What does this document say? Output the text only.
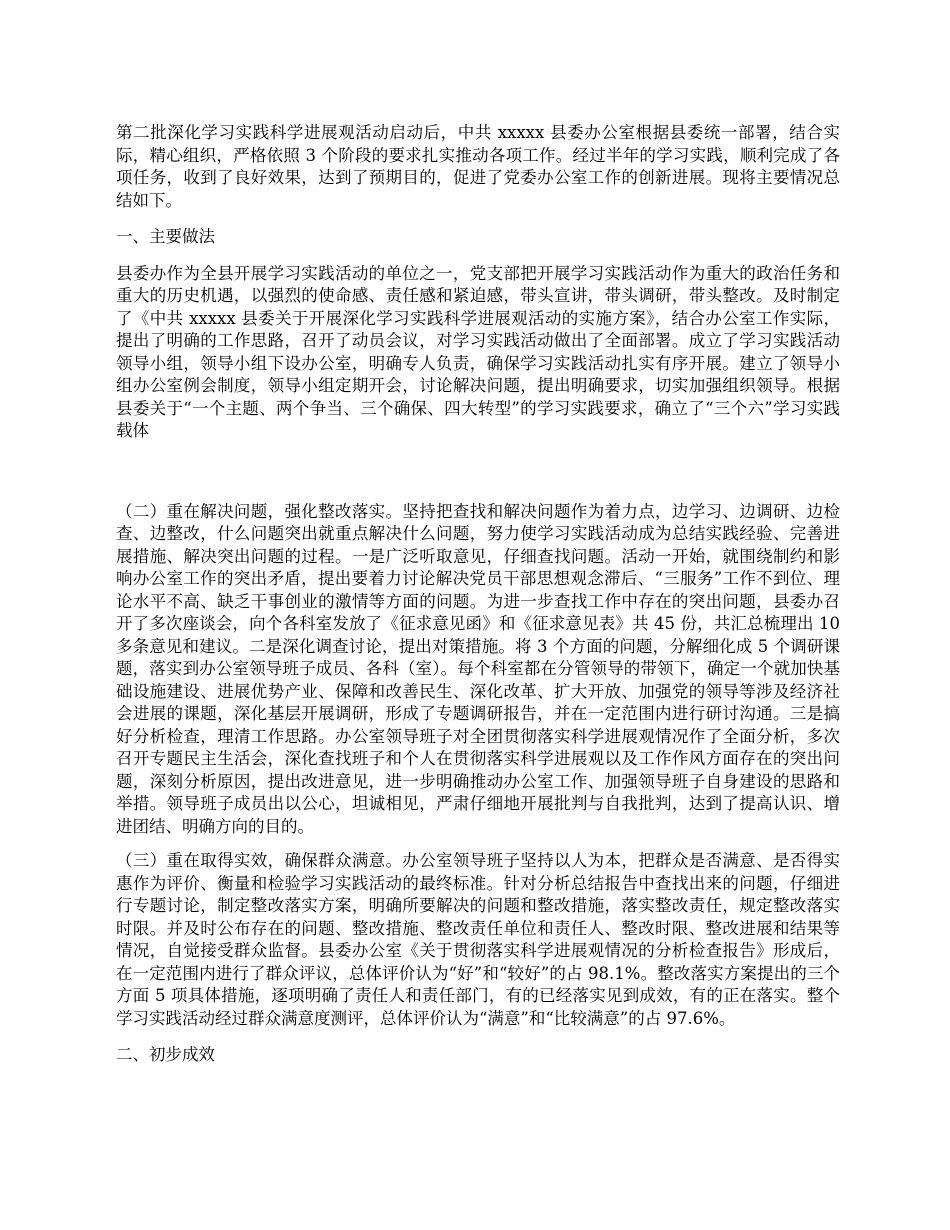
第二批深化学习实践科学进展观活动启动后，中共 xxxxx 县委办公室根据县委统一部署，结合实际，精心组织，严格依照 3 个阶段的要求扎实推动各项工作。经过半年的学习实践，顺利完成了各项任务，收到了良好效果，达到了预期目的，促进了党委办公室工作的创新进展。现将主要情况总结如下。

一、主要做法

县委办作为全县开展学习实践活动的单位之一，党支部把开展学习实践活动作为重大的政治任务和重大的历史机遇，以强烈的使命感、责任感和紧迫感，带头宣讲，带头调研，带头整改。及时制定了《中共 xxxxx 县委关于开展深化学习实践科学进展观活动的实施方案》，结合办公室工作实际，提出了明确的工作思路，召开了动员会议，对学习实践活动做出了全面部署。成立了学习实践活动领导小组，领导小组下设办公室，明确专人负责，确保学习实践活动扎实有序开展。建立了领导小组办公室例会制度，领导小组定期开会，讨论解决问题，提出明确要求，切实加强组织领导。根据县委关于“一个主题、两个争当、三个确保、四大转型”的学习实践要求，确立了“三个六”学习实践载体

（二）重在解决问题，强化整改落实。坚持把查找和解决问题作为着力点，边学习、边调研、边检查、边整改，什么问题突出就重点解决什么问题，努力使学习实践活动成为总结实践经验、完善进展措施、解决突出问题的过程。一是广泛听取意见，仔细查找问题。活动一开始，就围绕制约和影响办公室工作的突出矛盾，提出要着力讨论解决党员干部思想观念滞后、“三服务”工作不到位、理论水平不高、缺乏干事创业的激情等方面的问题。为进一步查找工作中存在的突出问题，县委办召开了多次座谈会，向个各科室发放了《征求意见函》和《征求意见表》共 45 份，共汇总梳理出 10 多条意见和建议。二是深化调查讨论，提出对策措施。将 3 个方面的问题，分解细化成 5 个调研课题，落实到办公室领导班子成员、各科（室）。每个科室都在分管领导的带领下，确定一个就加快基础设施建设、进展优势产业、保障和改善民生、深化改革、扩大开放、加强党的领导等涉及经济社会进展的课题，深化基层开展调研，形成了专题调研报告，并在一定范围内进行研讨沟通。三是搞好分析检查，理清工作思路。办公室领导班子对全团贯彻落实科学进展观情况作了全面分析，多次召开专题民主生活会，深化查找班子和个人在贯彻落实科学进展观以及工作作风方面存在的突出问题，深刻分析原因，提出改进意见，进一步明确推动办公室工作、加强领导班子自身建设的思路和举措。领导班子成员出以公心，坦诚相见，严肃仔细地开展批判与自我批判，达到了提高认识、增进团结、明确方向的目的。

（三）重在取得实效，确保群众满意。办公室领导班子坚持以人为本，把群众是否满意、是否得实惠作为评价、衡量和检验学习实践活动的最终标准。针对分析总结报告中查找出来的问题，仔细进行专题讨论，制定整改落实方案，明确所要解决的问题和整改措施，落实整改责任，规定整改落实时限。并及时公布存在的问题、整改措施、整改责任单位和责任人、整改时限、整改进展和结果等情况，自觉接受群众监督。县委办公室《关于贯彻落实科学进展观情况的分析检查报告》形成后，在一定范围内进行了群众评议，总体评价认为“好”和“较好”的占 98.1%。整改落实方案提出的三个方面 5 项具体措施，逐项明确了责任人和责任部门，有的已经落实见到成效，有的正在落实。整个学习实践活动经过群众满意度测评，总体评价认为“满意”和“比较满意”的占 97.6%。

二、初步成效
